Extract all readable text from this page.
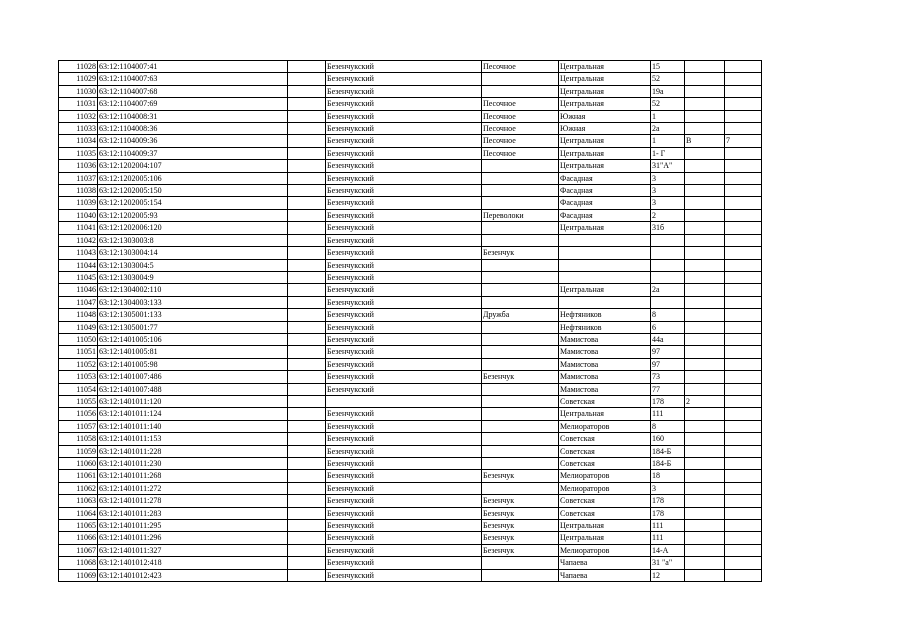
11028	63:12:1104007:41		Безенчукский	Песочное	Центральная	15		
11029	63:12:1104007:63		Безенчукский		Центральная	52		
11030	63:12:1104007:68		Безенчукский		Центральная	19а		
11031	63:12:1104007:69		Безенчукский	Песочное	Центральная	52		
11032	63:12:1104008:31		Безенчукский	Песочное	Южная	1		
11033	63:12:1104008:36		Безенчукский	Песочное	Южная	2а		
11034	63:12:1104009:36		Безенчукский	Песочное	Центральная	1	В	7
11035	63:12:1104009:37		Безенчукский	Песочное	Центральная	1- Г		
11036	63:12:1202004:107		Безенчукский		Центральная	31"А"		
11037	63:12:1202005:106		Безенчукский		Фасадная	3		
11038	63:12:1202005:150		Безенчукский		Фасадная	3		
11039	63:12:1202005:154		Безенчукский		Фасадная	3		
11040	63:12:1202005:93		Безенчукский	Переволоки	Фасадная	2		
11041	63:12:1202006:120		Безенчукский		Центральная	31б		
11042	63:12:1303003:8		Безенчукский					
11043	63:12:1303004:14		Безенчукский	Безенчук				
11044	63:12:1303004:5		Безенчукский					
11045	63:12:1303004:9		Безенчукский					
11046	63:12:1304002:110		Безенчукский		Центральная	2а		
11047	63:12:1304003:133		Безенчукский					
11048	63:12:1305001:133		Безенчукский	Дружба	Нефтяников	8		
11049	63:12:1305001:77		Безенчукский		Нефтяников	6		
11050	63:12:1401005:106		Безенчукский		Мамистова	44а		
11051	63:12:1401005:81		Безенчукский		Мамистова	97		
11052	63:12:1401005:98		Безенчукский		Мамистова	97		
11053	63:12:1401007:486		Безенчукский	Безенчук	Мамистова	73		
11054	63:12:1401007:488		Безенчукский		Мамистова	77		
11055	63:12:1401011:120				Советская	178	2	
11056	63:12:1401011:124		Безенчукский		Центральная	111		
11057	63:12:1401011:140		Безенчукский		Мелиораторов	8		
11058	63:12:1401011:153		Безенчукский		Советская	160		
11059	63:12:1401011:228		Безенчукский		Советская	184-Б		
11060	63:12:1401011:230		Безенчукский		Советская	184-Б		
11061	63:12:1401011:268		Безенчукский	Безенчук	Мелиораторов	18		
11062	63:12:1401011:272		Безенчукский		Мелиораторов	3		
11063	63:12:1401011:278		Безенчукский	Безенчук	Советская	178		
11064	63:12:1401011:283		Безенчукский	Безенчук	Советская	178		
11065	63:12:1401011:295		Безенчукский	Безенчук	Центральная	111		
11066	63:12:1401011:296		Безенчукский	Безенчук	Центральная	111		
11067	63:12:1401011:327		Безенчукский	Безенчук	Мелиораторов	14-А		
11068	63:12:1401012:418		Безенчукский		Чапаева	31 "а"		
11069	63:12:1401012:423		Безенчукский		Чапаева	12		
